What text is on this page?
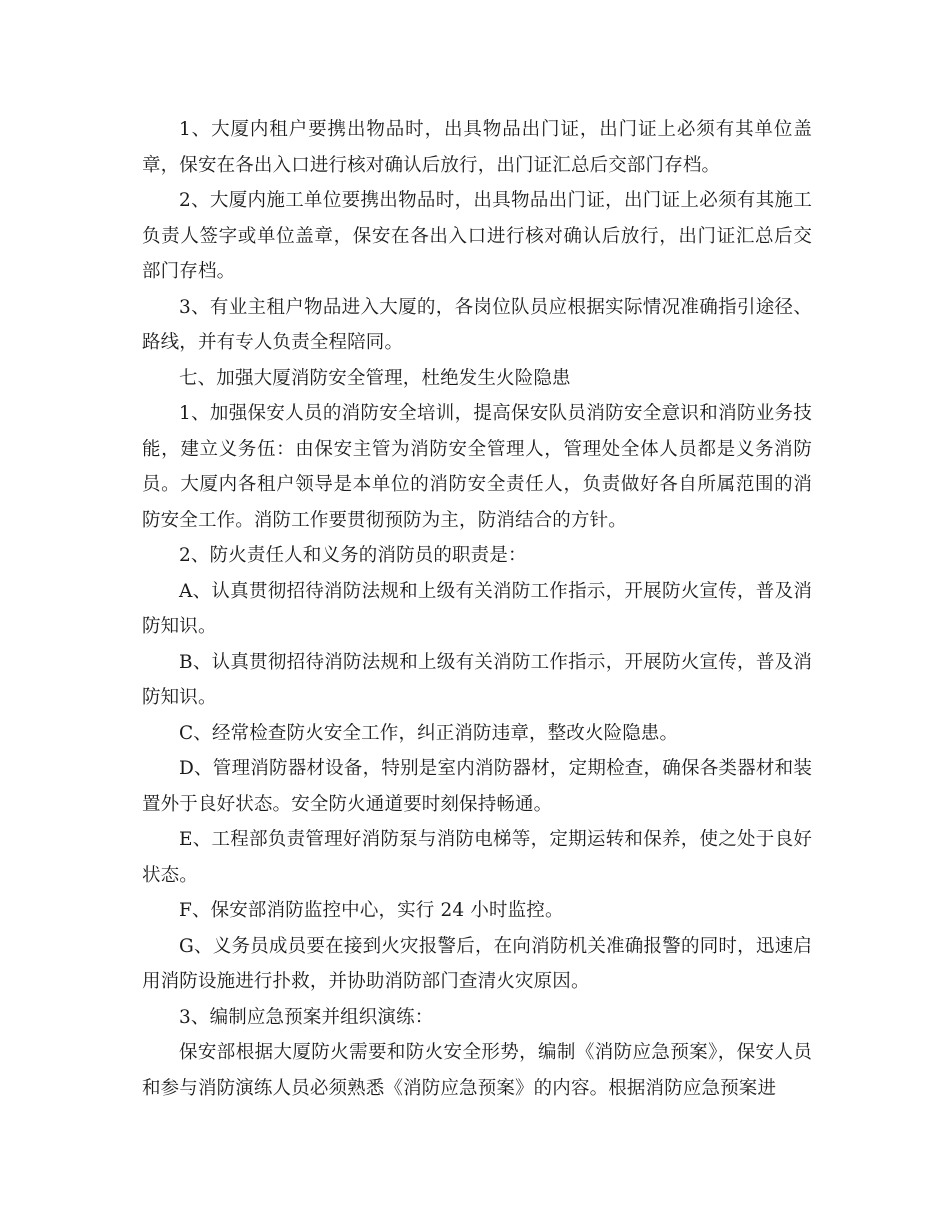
1、大厦内租户要携出物品时，出具物品出门证，出门证上必须有其单位盖章，保安在各出入口进行核对确认后放行，出门证汇总后交部门存档。

2、大厦内施工单位要携出物品时，出具物品出门证，出门证上必须有其施工负责人签字或单位盖章，保安在各出入口进行核对确认后放行，出门证汇总后交部门存档。

3、有业主租户物品进入大厦的，各岗位队员应根据实际情况准确指引途径、路线，并有专人负责全程陪同。

七、加强大厦消防安全管理，杜绝发生火险隐患

1、加强保安人员的消防安全培训，提高保安队员消防安全意识和消防业务技能，建立义务伍：由保安主管为消防安全管理人，管理处全体人员都是义务消防员。大厦内各租户领导是本单位的消防安全责任人，负责做好各自所属范围的消防安全工作。消防工作要贯彻预防为主，防消结合的方针。

2、防火责任人和义务的消防员的职责是：

A、认真贯彻招待消防法规和上级有关消防工作指示，开展防火宣传，普及消防知识。

B、认真贯彻招待消防法规和上级有关消防工作指示，开展防火宣传，普及消防知识。

C、经常检查防火安全工作，纠正消防违章，整改火险隐患。

D、管理消防器材设备，特别是室内消防器材，定期检查，确保各类器材和装置外于良好状态。安全防火通道要时刻保持畅通。

E、工程部负责管理好消防泵与消防电梯等，定期运转和保养，使之处于良好状态。

F、保安部消防监控中心，实行 24 小时监控。

G、义务员成员要在接到火灾报警后，在向消防机关准确报警的同时，迅速启用消防设施进行扑救，并协助消防部门查清火灾原因。

3、编制应急预案并组织演练：

保安部根据大厦防火需要和防火安全形势，编制《消防应急预案》，保安人员和参与消防演练人员必须熟悉《消防应急预案》的内容。根据消防应急预案进
